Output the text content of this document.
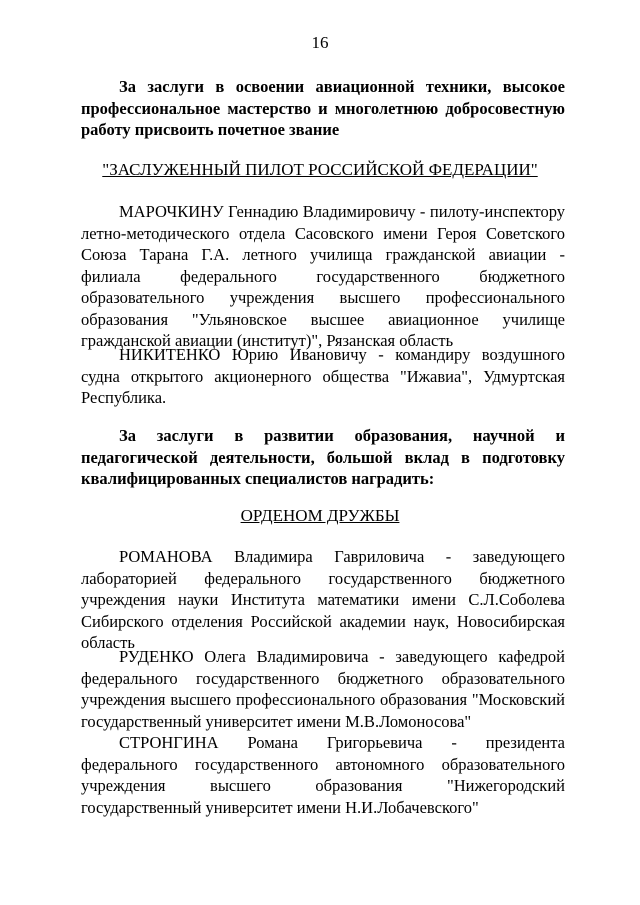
16
За заслуги в освоении авиационной техники, высокое профессиональное мастерство и многолетнюю добросовестную работу присвоить почетное звание
"ЗАСЛУЖЕННЫЙ ПИЛОТ РОССИЙСКОЙ ФЕДЕРАЦИИ"

МАРОЧКИНУ Геннадию Владимировичу - пилоту-инспектору летно-методического отдела Сасовского имени Героя Советского Союза Тарана Г.А. летного училища гражданской авиации - филиала федерального государственного бюджетного образовательного учреждения высшего профессионального образования "Ульяновское высшее авиационное училище гражданской авиации (институт)", Рязанская область

НИКИТЕНКО Юрию Ивановичу - командиру воздушного судна открытого акционерного общества "Ижавиа", Удмуртская Республика.

За заслуги в развитии образования, научной и педагогической деятельности, большой вклад в подготовку квалифицированных специалистов наградить:
ОРДЕНОМ ДРУЖБЫ

РОМАНОВА Владимира Гавриловича - заведующего лабораторией федерального государственного бюджетного учреждения науки Института математики имени С.Л.Соболева Сибирского отделения Российской академии наук, Новосибирская область

РУДЕНКО Олега Владимировича - заведующего кафедрой федерального государственного бюджетного образовательного учреждения высшего профессионального образования "Московский государственный университет имени М.В.Ломоносова"

СТРОНГИНА Романа Григорьевича - президента федерального государственного автономного образовательного учреждения высшего образования "Нижегородский государственный университет имени Н.И.Лобачевского"
